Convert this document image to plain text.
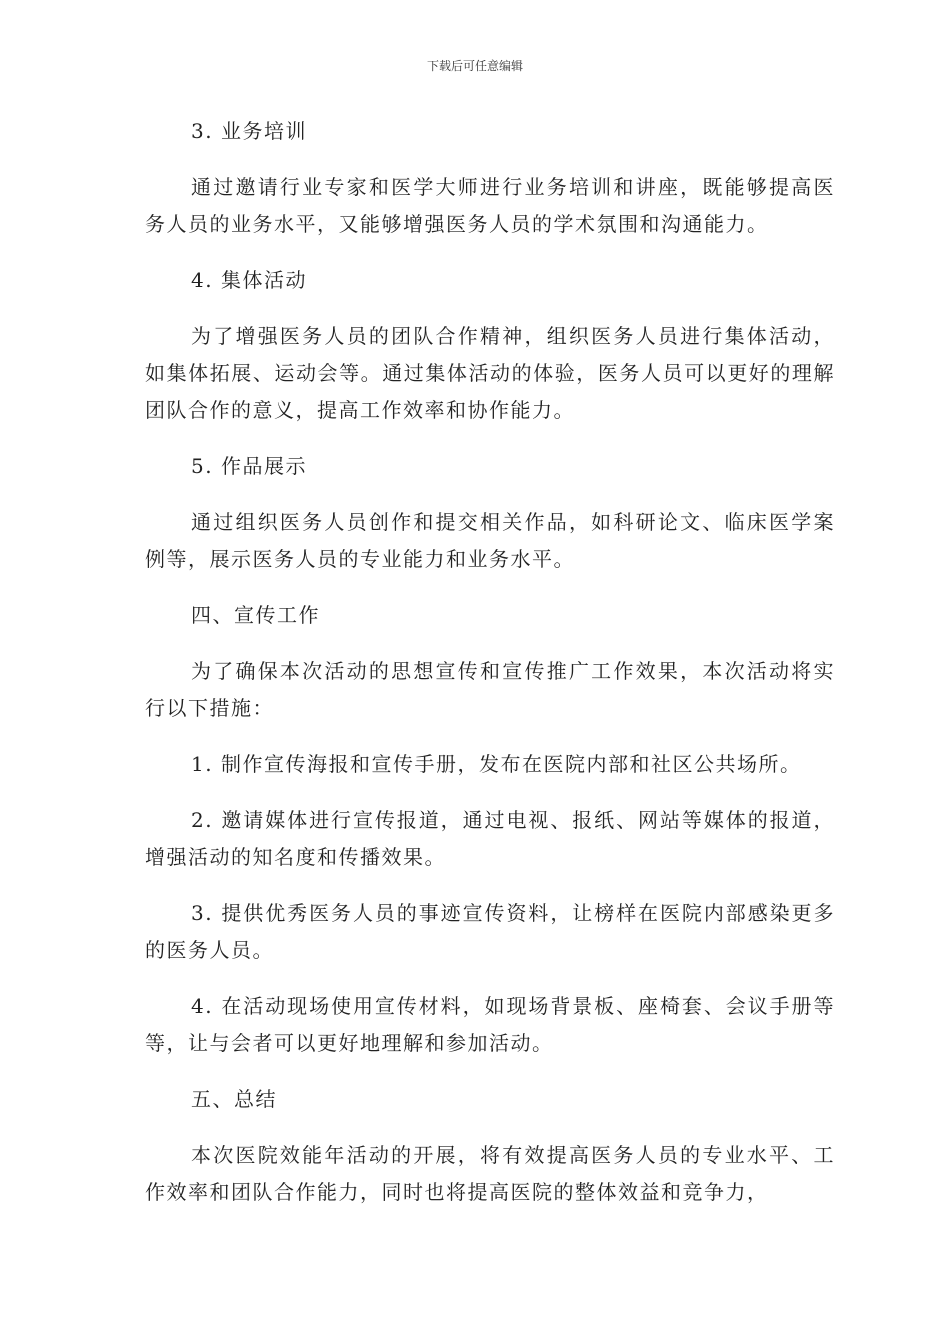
下载后可任意编辑

3. 业务培训

通过邀请行业专家和医学大师进行业务培训和讲座，既能够提高医务人员的业务水平，又能够增强医务人员的学术氛围和沟通能力。

4. 集体活动

为了增强医务人员的团队合作精神，组织医务人员进行集体活动，如集体拓展、运动会等。通过集体活动的体验，医务人员可以更好的理解团队合作的意义，提高工作效率和协作能力。

5. 作品展示

通过组织医务人员创作和提交相关作品，如科研论文、临床医学案例等，展示医务人员的专业能力和业务水平。

四、宣传工作

为了确保本次活动的思想宣传和宣传推广工作效果，本次活动将实行以下措施：

1. 制作宣传海报和宣传手册，发布在医院内部和社区公共场所。

2. 邀请媒体进行宣传报道，通过电视、报纸、网站等媒体的报道，增强活动的知名度和传播效果。

3. 提供优秀医务人员的事迹宣传资料，让榜样在医院内部感染更多的医务人员。

4. 在活动现场使用宣传材料，如现场背景板、座椅套、会议手册等等，让与会者可以更好地理解和参加活动。

五、总结

本次医院效能年活动的开展，将有效提高医务人员的专业水平、工作效率和团队合作能力，同时也将提高医院的整体效益和竞争力，
